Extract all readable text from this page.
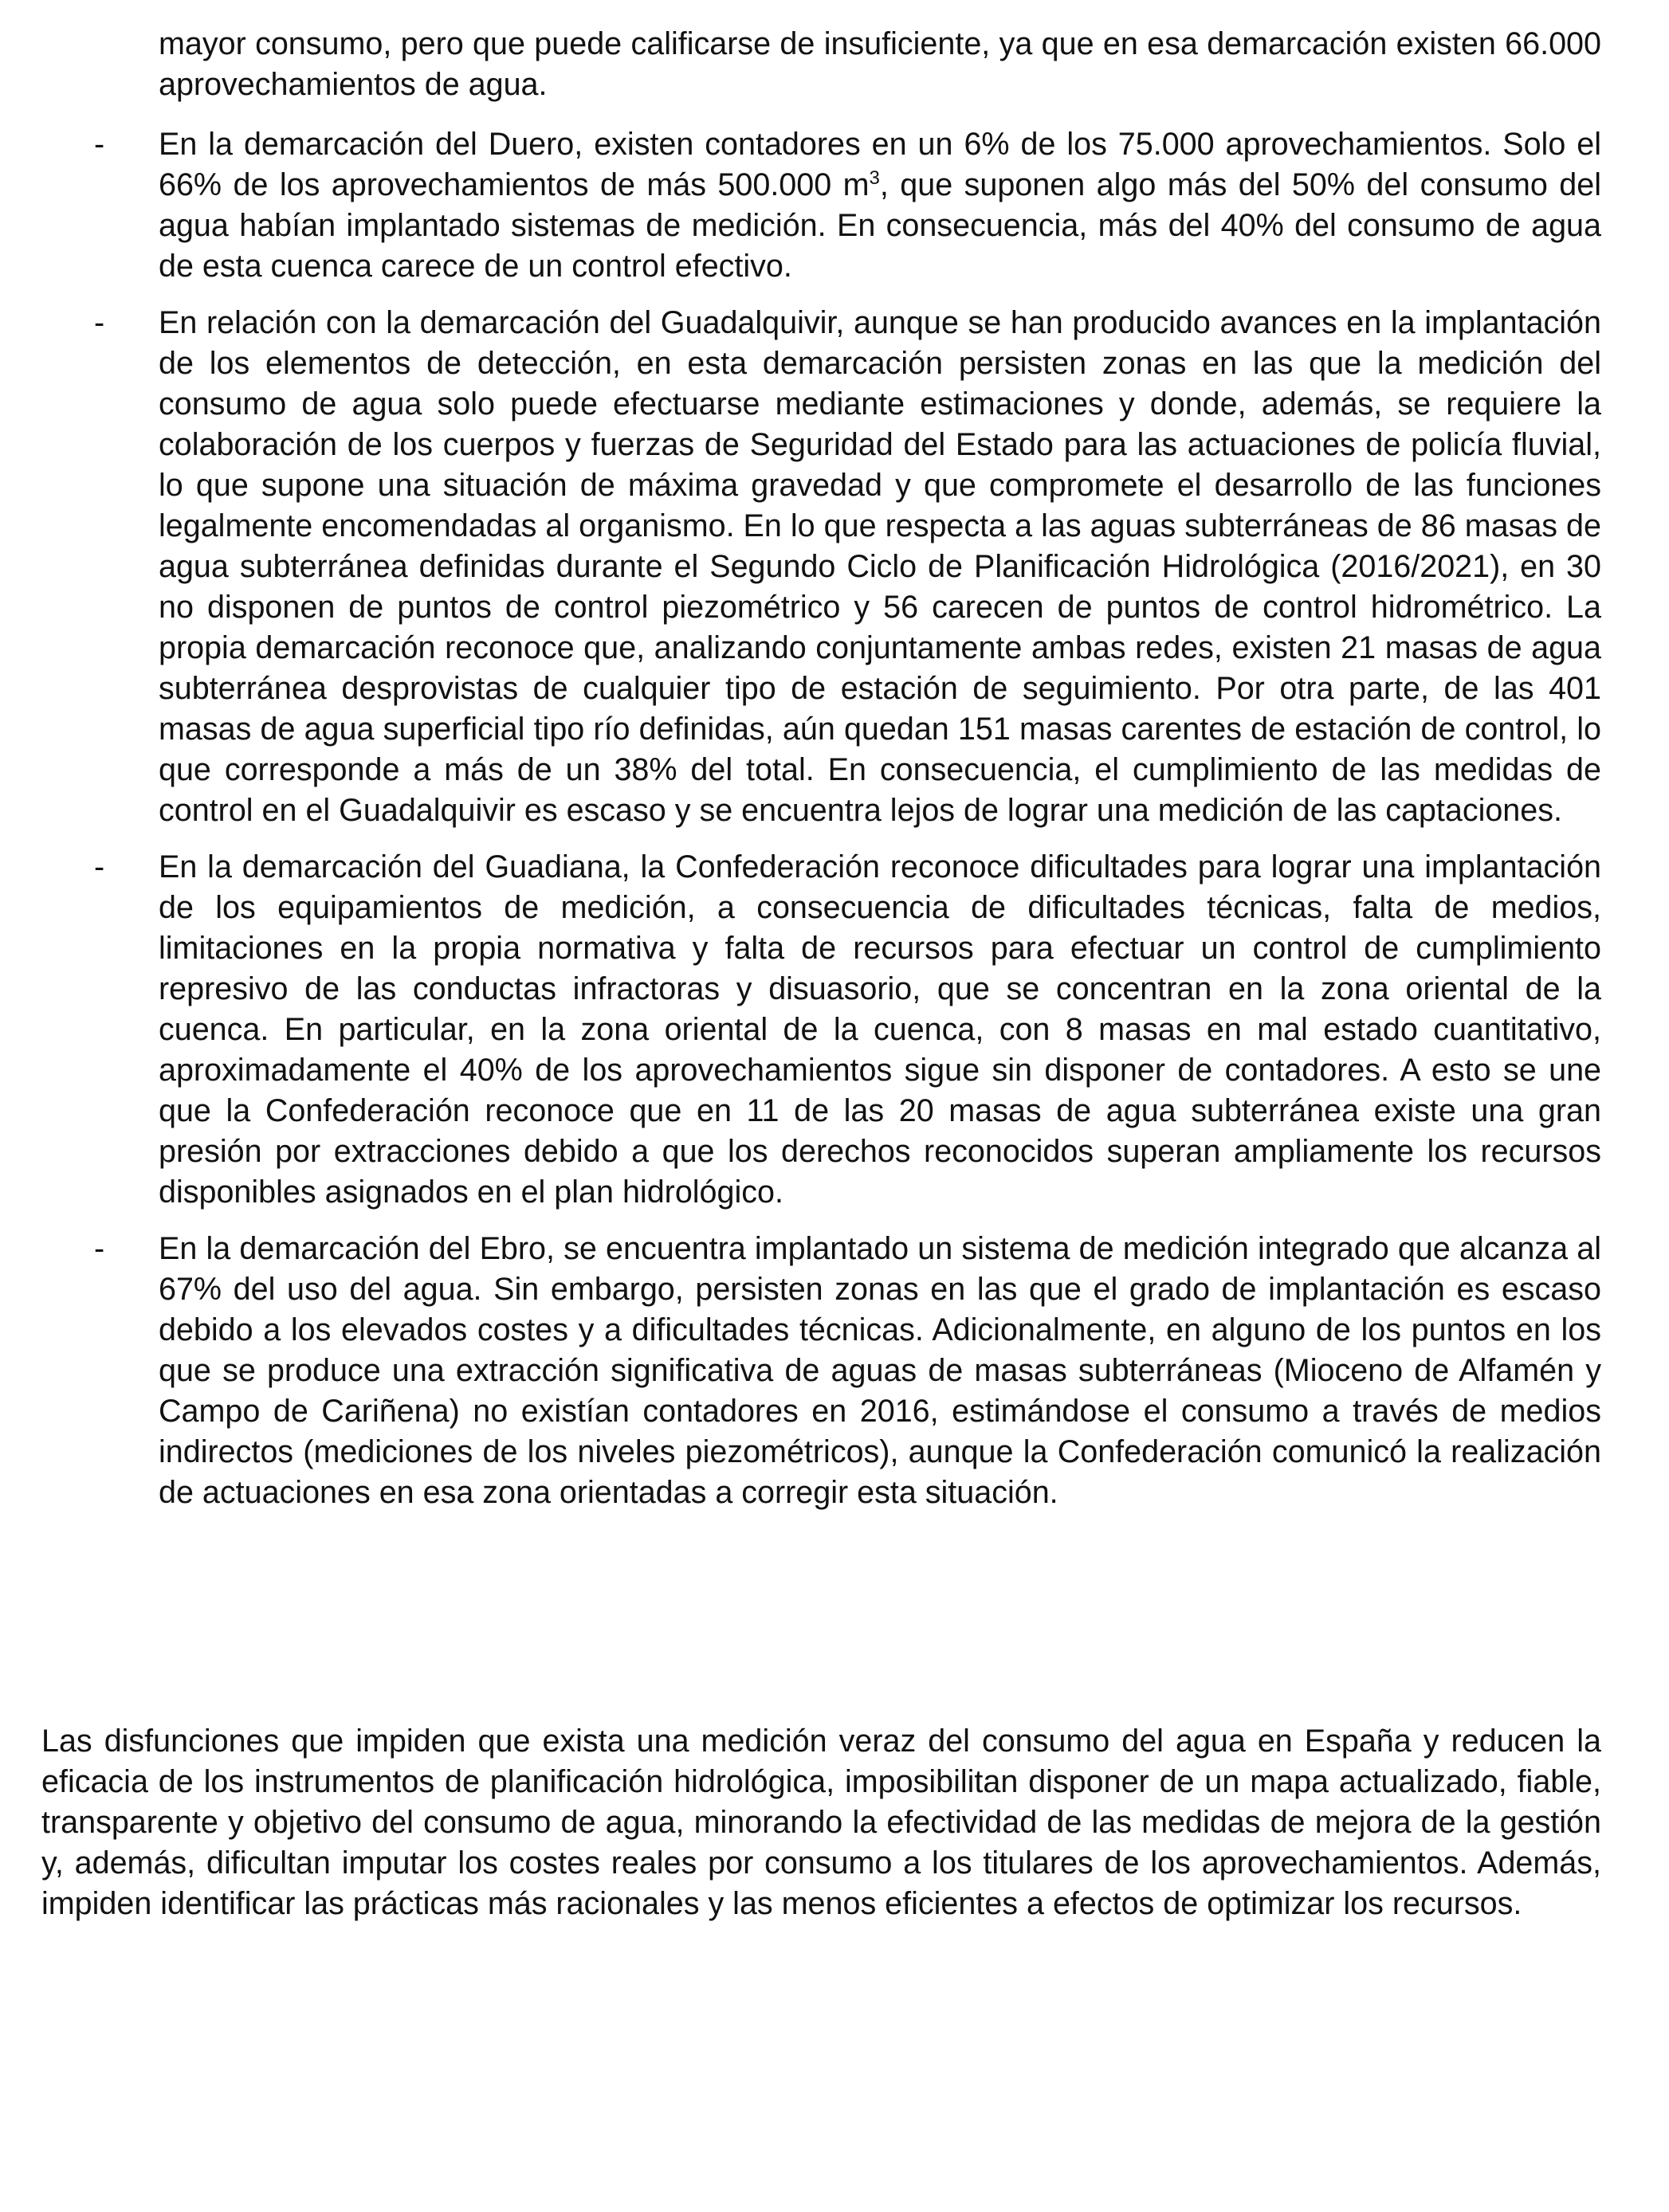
mayor consumo, pero que puede calificarse de insuficiente, ya que en esa demarcación existen 66.000 aprovechamientos de agua.

- En la demarcación del Duero, existen contadores en un 6% de los 75.000 aprovechamientos. Solo el 66% de los aprovechamientos de más 500.000 $m^3$, que suponen algo más del 50% del consumo del agua habían implantado sistemas de medición. En consecuencia, más del 40% del consumo de agua de esta cuenca carece de un control efectivo.

- En relación con la demarcación del Guadalquivir, aunque se han producido avances en la implantación de los elementos de detección, en esta demarcación persisten zonas en las que la medición del consumo de agua solo puede efectuarse mediante estimaciones y donde, además, se requiere la colaboración de los cuerpos y fuerzas de Seguridad del Estado para las actuaciones de policía fluvial, lo que supone una situación de máxima gravedad y que compromete el desarrollo de las funciones legalmente encomendadas al organismo. En lo que respecta a las aguas subterráneas de 86 masas de agua subterránea definidas durante el Segundo Ciclo de Planificación Hidrológica (2016/2021), en 30 no disponen de puntos de control piezométrico y 56 carecen de puntos de control hidrométrico. La propia demarcación reconoce que, analizando conjuntamente ambas redes, existen 21 masas de agua subterránea desprovistas de cualquier tipo de estación de seguimiento. Por otra parte, de las 401 masas de agua superficial tipo río definidas, aún quedan 151 masas carentes de estación de control, lo que corresponde a más de un 38% del total. En consecuencia, el cumplimiento de las medidas de control en el Guadalquivir es escaso y se encuentra lejos de lograr una medición de las captaciones.

- En la demarcación del Guadiana, la Confederación reconoce dificultades para lograr una implantación de los equipamientos de medición, a consecuencia de dificultades técnicas, falta de medios, limitaciones en la propia normativa y falta de recursos para efectuar un control de cumplimiento represivo de las conductas infractoras y disuasorio, que se concentran en la zona oriental de la cuenca. En particular, en la zona oriental de la cuenca, con 8 masas en mal estado cuantitativo, aproximadamente el 40% de los aprovechamientos sigue sin disponer de contadores. A esto se une que la Confederación reconoce que en 11 de las 20 masas de agua subterránea existe una gran presión por extracciones debido a que los derechos reconocidos superan ampliamente los recursos disponibles asignados en el plan hidrológico.

- En la demarcación del Ebro, se encuentra implantado un sistema de medición integrado que alcanza al 67% del uso del agua. Sin embargo, persisten zonas en las que el grado de implantación es escaso debido a los elevados costes y a dificultades técnicas. Adicionalmente, en alguno de los puntos en los que se produce una extracción significativa de aguas de masas subterráneas (Mioceno de Alfamén y Campo de Cariñena) no existían contadores en 2016, estimándose el consumo a través de medios indirectos (mediciones de los niveles piezométricos), aunque la Confederación comunicó la realización de actuaciones en esa zona orientadas a corregir esta situación.

Las disfunciones que impiden que exista una medición veraz del consumo del agua en España y reducen la eficacia de los instrumentos de planificación hidrológica, imposibilitan disponer de un mapa actualizado, fiable, transparente y objetivo del consumo de agua, minorando la efectividad de las medidas de mejora de la gestión y, además, dificultan imputar los costes reales por consumo a los titulares de los aprovechamientos. Además, impiden identificar las prácticas más racionales y las menos eficientes a efectos de optimizar los recursos.
